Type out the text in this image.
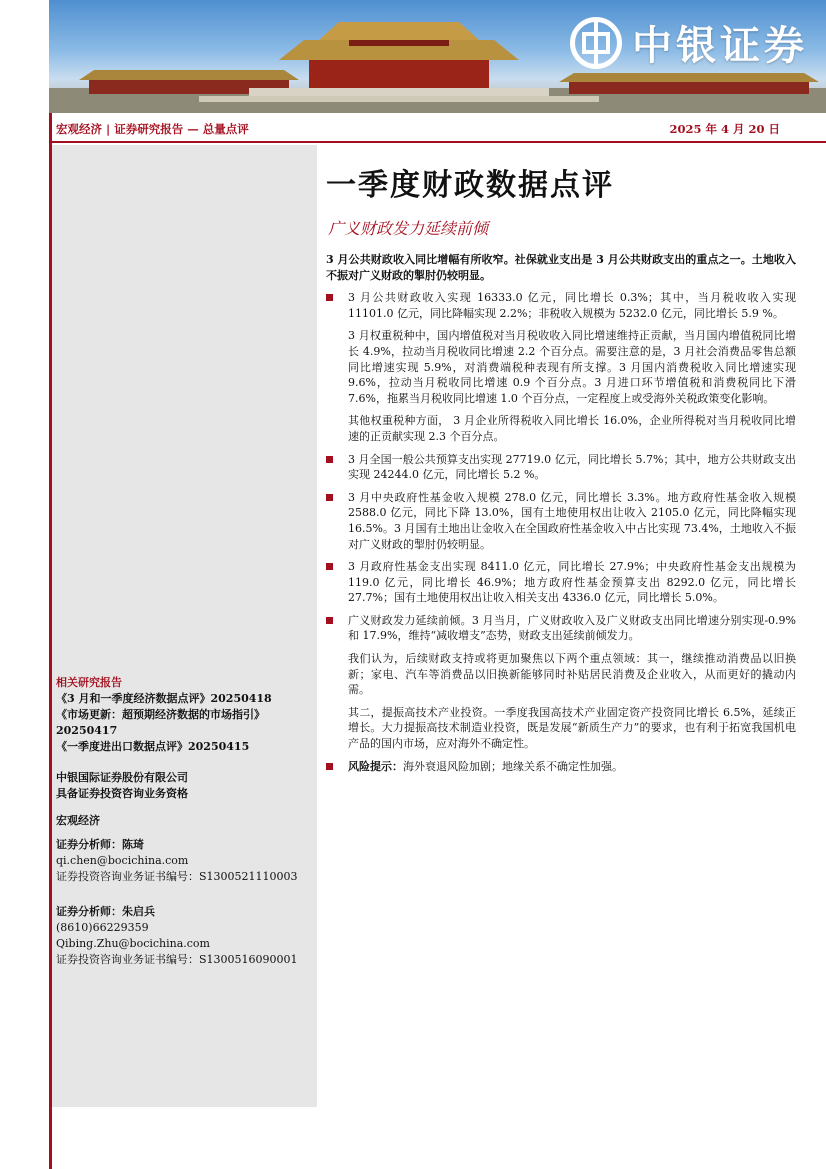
中银证券
宏观经济 | 证券研究报告 — 总量点评	2025 年 4 月 20 日
相关研究报告
《3 月和一季度经济数据点评》20250418
《市场更新：超预期经济数据的市场指引》
20250417
《一季度进出口数据点评》20250415
中银国际证券股份有限公司
具备证券投资咨询业务资格
宏观经济
证券分析师：陈琦
qi.chen@bocichina.com
证券投资咨询业务证书编号：S1300521110003
证券分析师：朱启兵
(8610)66229359
Qibing.Zhu@bocichina.com
证券投资咨询业务证书编号：S1300516090001
一季度财政数据点评
广义财政发力延续前倾
3 月公共财政收入同比增幅有所收窄。社保就业支出是 3 月公共财政支出的重点之一。土地收入不振对广义财政的掣肘仍较明显。
3 月公共财政收入实现 16333.0 亿元，同比增长 0.3%；其中，当月税收收入实现 11101.0 亿元，同比降幅实现 2.2%；非税收入规模为 5232.0 亿元，同比增长 5.9 %。
3 月权重税种中，国内增值税对当月税收收入同比增速维持正贡献，当月国内增值税同比增长 4.9%，拉动当月税收同比增速 2.2 个百分点。需要注意的是，3 月社会消费品零售总额同比增速实现 5.9%，对消费端税种表现有所支撑。3 月国内消费税收入同比增速实现 9.6%，拉动当月税收同比增速 0.9 个百分点。3 月进口环节增值税和消费税同比下滑 7.6%，拖累当月税收同比增速 1.0 个百分点，一定程度上或受海外关税政策变化影响。
其他权重税种方面， 3 月企业所得税收入同比增长 16.0%，企业所得税对当月税收同比增速的正贡献实现 2.3 个百分点。
3 月全国一般公共预算支出实现 27719.0 亿元，同比增长 5.7%；其中，地方公共财政支出实现 24244.0 亿元，同比增长 5.2 %。
3 月中央政府性基金收入规模 278.0 亿元，同比增长 3.3%。地方政府性基金收入规模 2588.0 亿元，同比下降 13.0%，国有土地使用权出让收入 2105.0 亿元，同比降幅实现 16.5%。3 月国有土地出让金收入在全国政府性基金收入中占比实现 73.4%，土地收入不振对广义财政的掣肘仍较明显。
3 月政府性基金支出实现 8411.0 亿元，同比增长 27.9%；中央政府性基金支出规模为 119.0 亿元，同比增长 46.9%；地方政府性基金预算支出 8292.0 亿元，同比增长 27.7%；国有土地使用权出让收入相关支出 4336.0 亿元，同比增长 5.0%。
广义财政发力延续前倾。3 月当月，广义财政收入及广义财政支出同比增速分别实现-0.9%和 17.9%，维持“减收增支”态势，财政支出延续前倾发力。
我们认为，后续财政支持或将更加聚焦以下两个重点领域：其一，继续推动消费品以旧换新；家电、汽车等消费品以旧换新能够同时补贴居民消费及企业收入，从而更好的撬动内需。
其二，提振高技术产业投资。一季度我国高技术产业固定资产投资同比增长 6.5%，延续正增长。大力提振高技术制造业投资，既是发展“新质生产力”的要求，也有利于拓宽我国机电产品的国内市场，应对海外不确定性。
风险提示：海外衰退风险加剧；地缘关系不确定性加强。
